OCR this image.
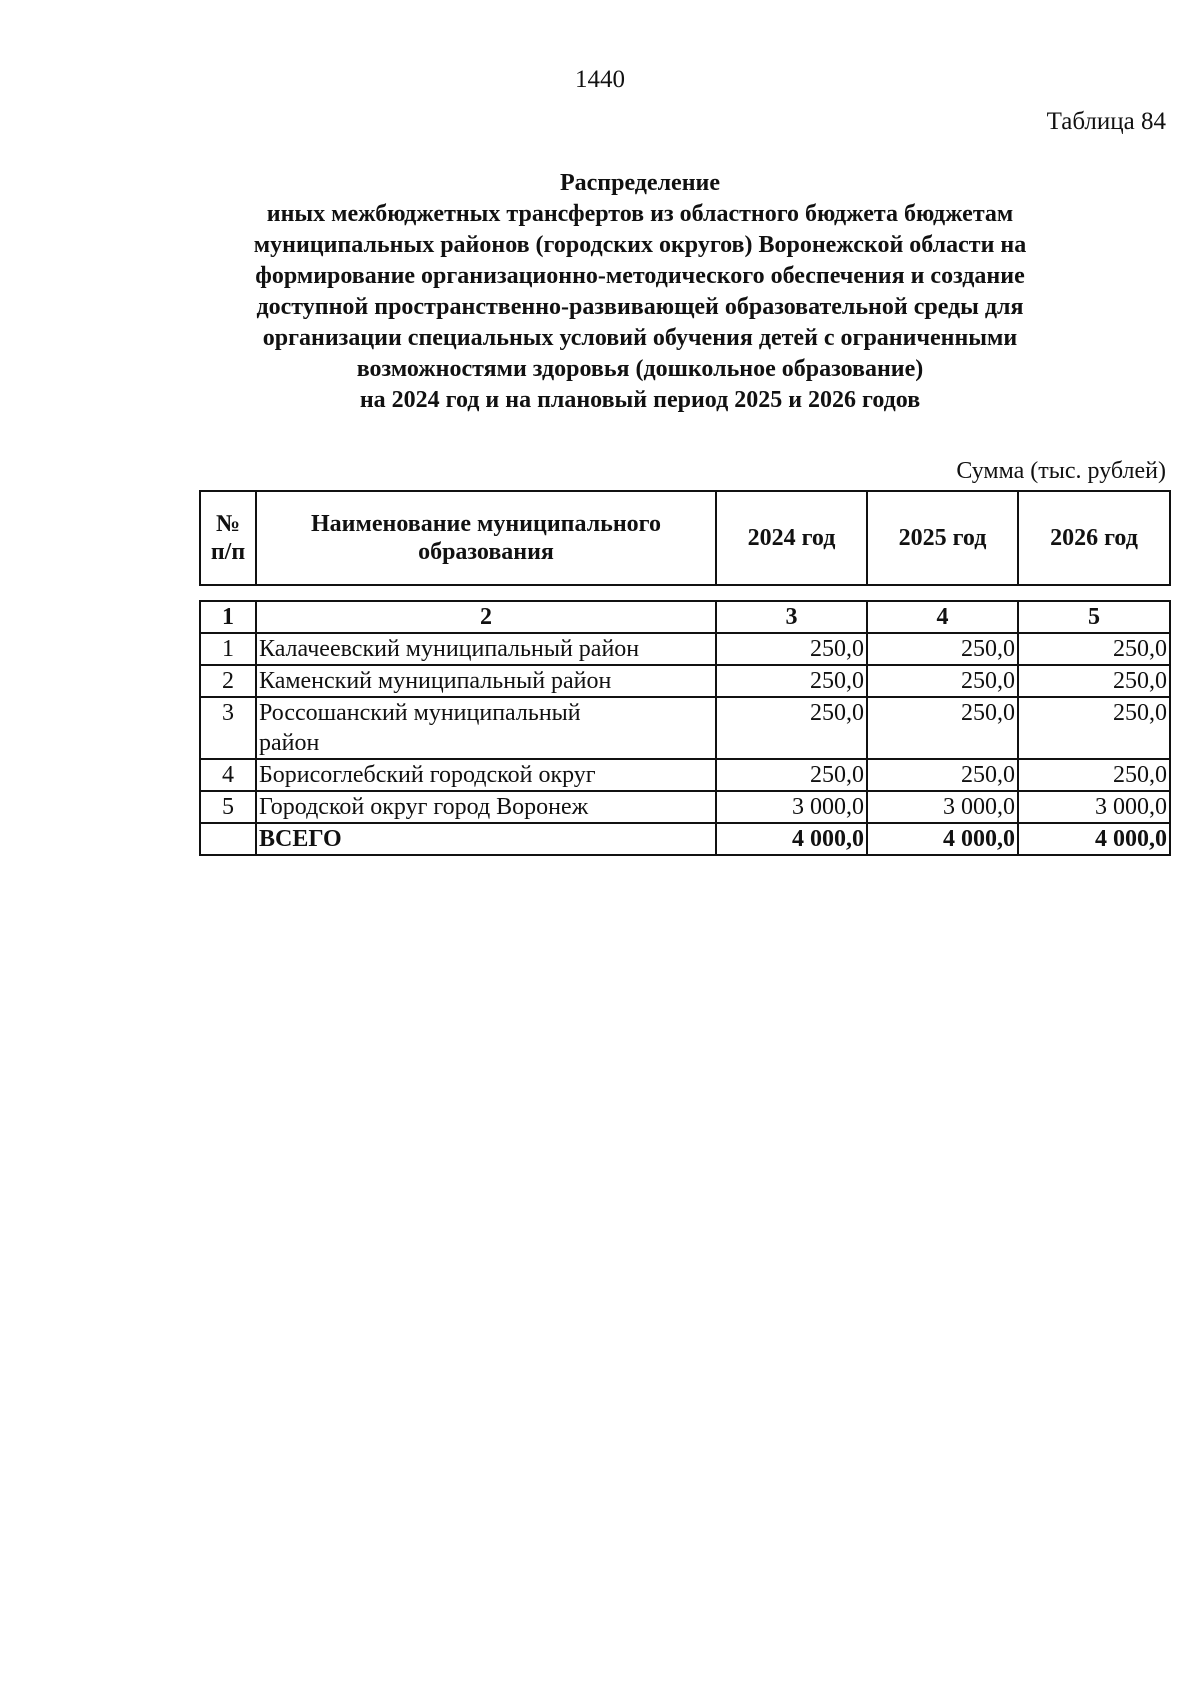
1440
Таблица 84
Распределение
иных межбюджетных трансфертов из областного бюджета бюджетам
муниципальных районов (городских округов) Воронежской области на
формирование организационно-методического обеспечения и создание
доступной пространственно-развивающей образовательной среды для
организации специальных условий обучения детей с ограниченными
возможностями здоровья (дошкольное образование)
на 2024 год и на плановый период 2025 и 2026 годов
Сумма (тыс. рублей)
№ п/п	Наименование муниципального образования	2024 год	2025 год	2026 год
1	2	3	4	5
1	Калачеевский муниципальный район	250,0	250,0	250,0
2	Каменский муниципальный район	250,0	250,0	250,0
3	Россошанский муниципальный район	250,0	250,0	250,0
4	Борисоглебский городской округ	250,0	250,0	250,0
5	Городской округ город Воронеж	3 000,0	3 000,0	3 000,0
	ВСЕГО	4 000,0	4 000,0	4 000,0
